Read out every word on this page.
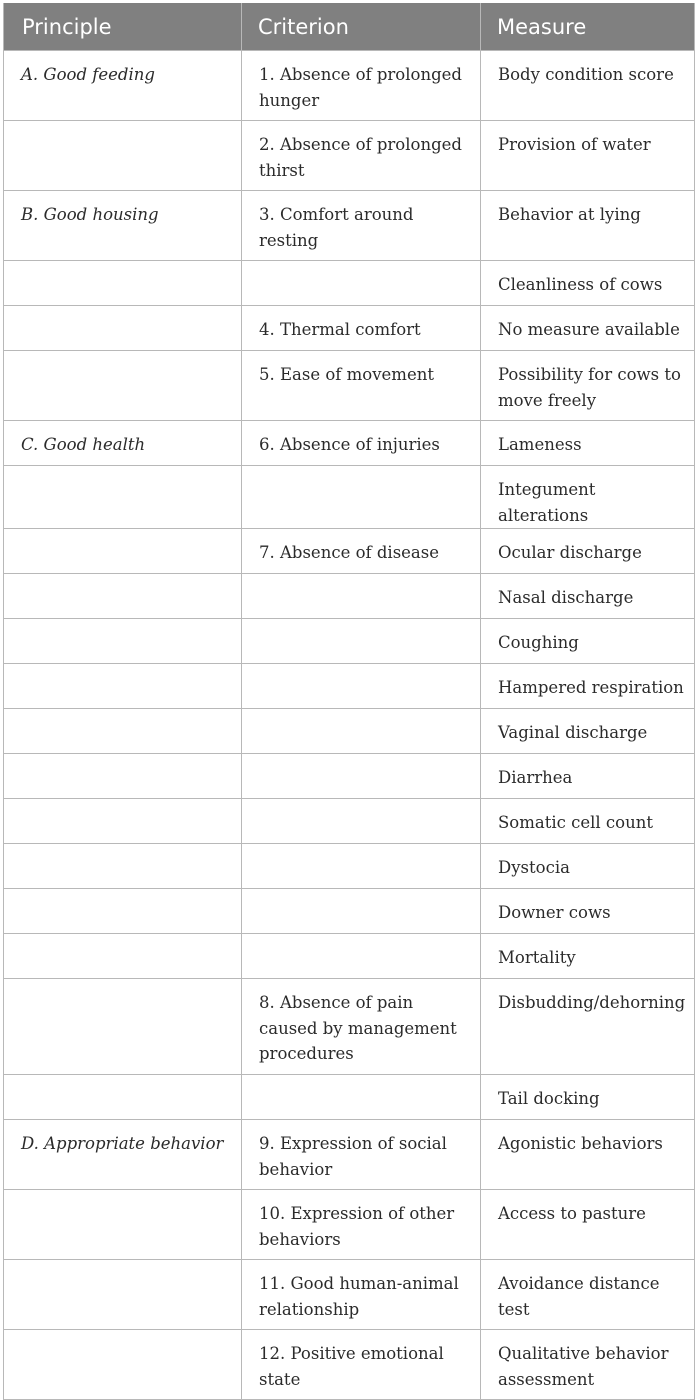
Principle	Criterion	Measure
A. Good feeding	1. Absence of prolonged hunger	Body condition score
	2. Absence of prolonged thirst	Provision of water
B. Good housing	3. Comfort around resting	Behavior at lying
		Cleanliness of cows
	4. Thermal comfort	No measure available
	5. Ease of movement	Possibility for cows to move freely
C. Good health	6. Absence of injuries	Lameness
		Integument alterations
	7. Absence of disease	Ocular discharge
		Nasal discharge
		Coughing
		Hampered respiration
		Vaginal discharge
		Diarrhea
		Somatic cell count
		Dystocia
		Downer cows
		Mortality
	8. Absence of pain caused by management procedures	Disbudding/dehorning
		Tail docking
D. Appropriate behavior	9. Expression of social behavior	Agonistic behaviors
	10. Expression of other behaviors	Access to pasture
	11. Good human-animal relationship	Avoidance distance test
	12. Positive emotional state	Qualitative behavior assessment
